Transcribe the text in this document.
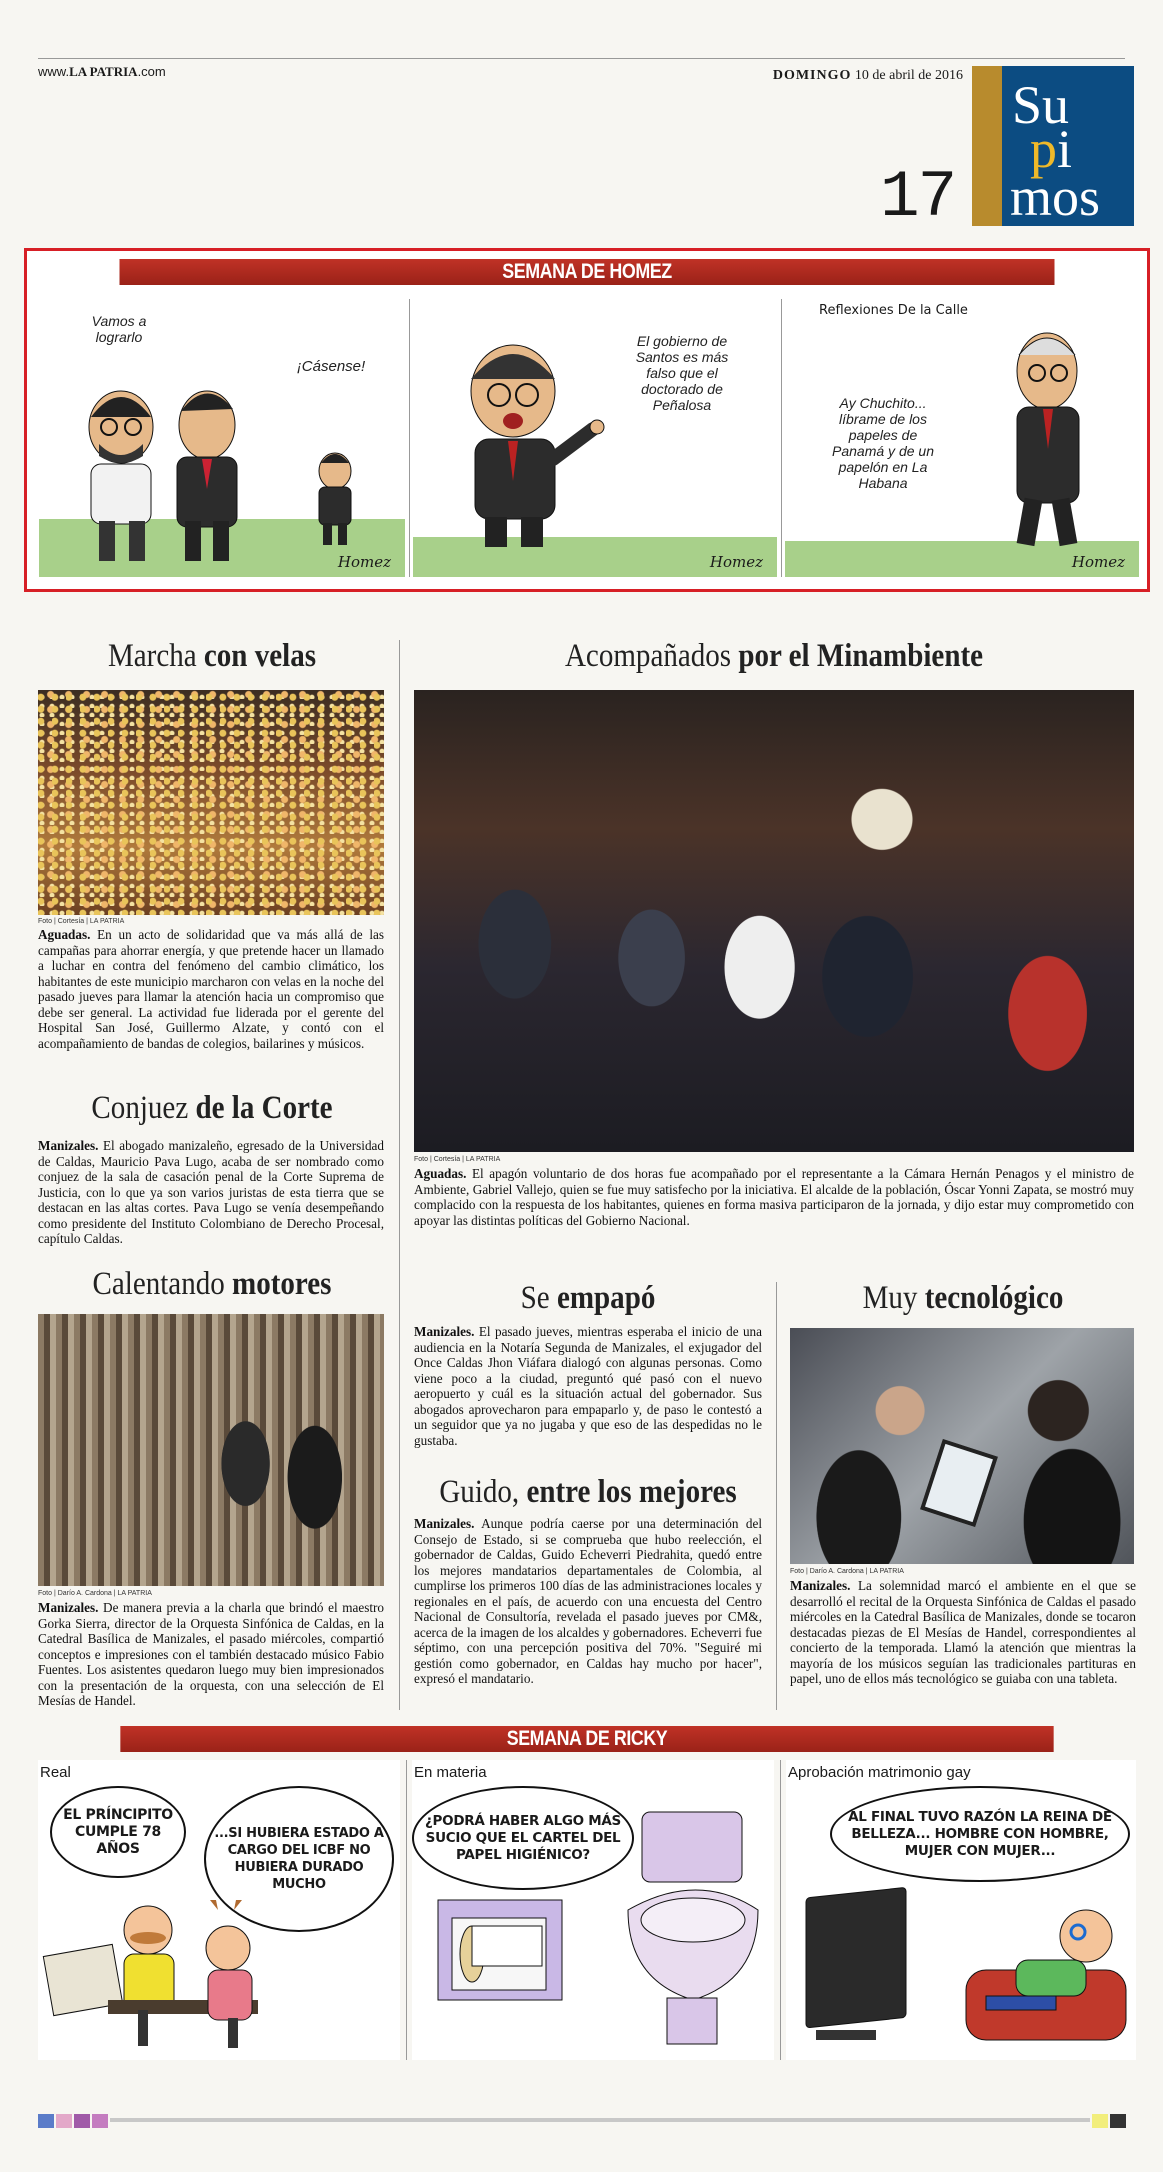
www.LA PATRIA.com	DOMINGO 10 de abril de 2016
17
Su
pi
mos
SEMANA DE HOMEZ
Vamos a lograrlo
¡Cásense!
Homez
El gobierno de Santos es más falso que el doctorado de Peñalosa
Homez
Reflexiones De la Calle
Ay Chuchito... líbrame de los papeles de Panamá y de un papelón en La Habana
Homez
Marcha con velas
Foto | Cortesía | LA PATRIA
Aguadas. En un acto de solidaridad que va más allá de las campañas para ahorrar energía, y que pretende hacer un llamado a luchar en contra del fenómeno del cambio climático, los habitantes de este municipio marcharon con velas en la noche del pasado jueves para llamar la atención hacia un compromiso que debe ser general. La actividad fue liderada por el gerente del Hospital San José, Guillermo Alzate, y contó con el acompañamiento de bandas de colegios, bailarines y músicos.
Conjuez de la Corte
Manizales. El abogado manizaleño, egresado de la Universidad de Caldas, Mauricio Pava Lugo, acaba de ser nombrado como conjuez de la sala de casación penal de la Corte Suprema de Justicia, con lo que ya son varios juristas de esta tierra que se destacan en las altas cortes. Pava Lugo se venía desempeñando como presidente del Instituto Colombiano de Derecho Procesal, capítulo Caldas.
Acompañados por el Minambiente
Foto | Cortesía | LA PATRIA
Aguadas. El apagón voluntario de dos horas fue acompañado por el representante a la Cámara Hernán Penagos y el ministro de Ambiente, Gabriel Vallejo, quien se fue muy satisfecho por la iniciativa. El alcalde de la población, Óscar Yonni Zapata, se mostró muy complacido con la respuesta de los habitantes, quienes en forma masiva participaron de la jornada, y dijo estar muy comprometido con apoyar las distintas políticas del Gobierno Nacional.
Calentando motores
Foto | Darío A. Cardona | LA PATRIA
Manizales. De manera previa a la charla que brindó el maestro Gorka Sierra, director de la Orquesta Sinfónica de Caldas, en la Catedral Basílica de Manizales, el pasado miércoles, compartió conceptos e impresiones con el también destacado músico Fabio Fuentes. Los asistentes quedaron luego muy bien impresionados con la presentación de la orquesta, con una selección de El Mesías de Handel.
Se empapó
Manizales. El pasado jueves, mientras esperaba el inicio de una audiencia en la Notaría Segunda de Manizales, el exjugador del Once Caldas Jhon Viáfara dialogó con algunas personas. Como viene poco a la ciudad, preguntó qué pasó con el nuevo aeropuerto y cuál es la situación actual del gobernador. Sus abogados aprovecharon para empaparlo y, de paso le contestó a un seguidor que ya no jugaba y que eso de las despedidas no le gustaba.
Guido, entre los mejores
Manizales. Aunque podría caerse por una determinación del Consejo de Estado, si se comprueba que hubo reelección, el gobernador de Caldas, Guido Echeverri Piedrahita, quedó entre los mejores mandatarios departamentales de Colombia, al cumplirse los primeros 100 días de las administraciones locales y regionales en el país, de acuerdo con una encuesta del Centro Nacional de Consultoría, revelada el pasado jueves por CM&, acerca de la imagen de los alcaldes y gobernadores. Echeverri fue séptimo, con una percepción positiva del 70%. "Seguiré mi gestión como gobernador, en Caldas hay mucho por hacer", expresó el mandatario.
Muy tecnológico
Foto | Darío A. Cardona | LA PATRIA
Manizales. La solemnidad marcó el ambiente en el que se desarrolló el recital de la Orquesta Sinfónica de Caldas el pasado miércoles en la Catedral Basílica de Manizales, donde se tocaron destacadas piezas de El Mesías de Handel, correspondientes al concierto de la temporada. Llamó la atención que mientras la mayoría de los músicos seguían las tradicionales partituras en papel, uno de ellos más tecnológico se guiaba con una tableta.
SEMANA DE RICKY
Real
EL PRÍNCIPITO CUMPLE 78 AÑOS
...SI HUBIERA ESTADO A CARGO DEL ICBF NO HUBIERA DURADO MUCHO
En materia
¿PODRÁ HABER ALGO MÁS SUCIO QUE EL CARTEL DEL PAPEL HIGIÉNICO?
Aprobación matrimonio gay
AL FINAL TUVO RAZÓN LA REINA DE BELLEZA... HOMBRE CON HOMBRE, MUJER CON MUJER...
